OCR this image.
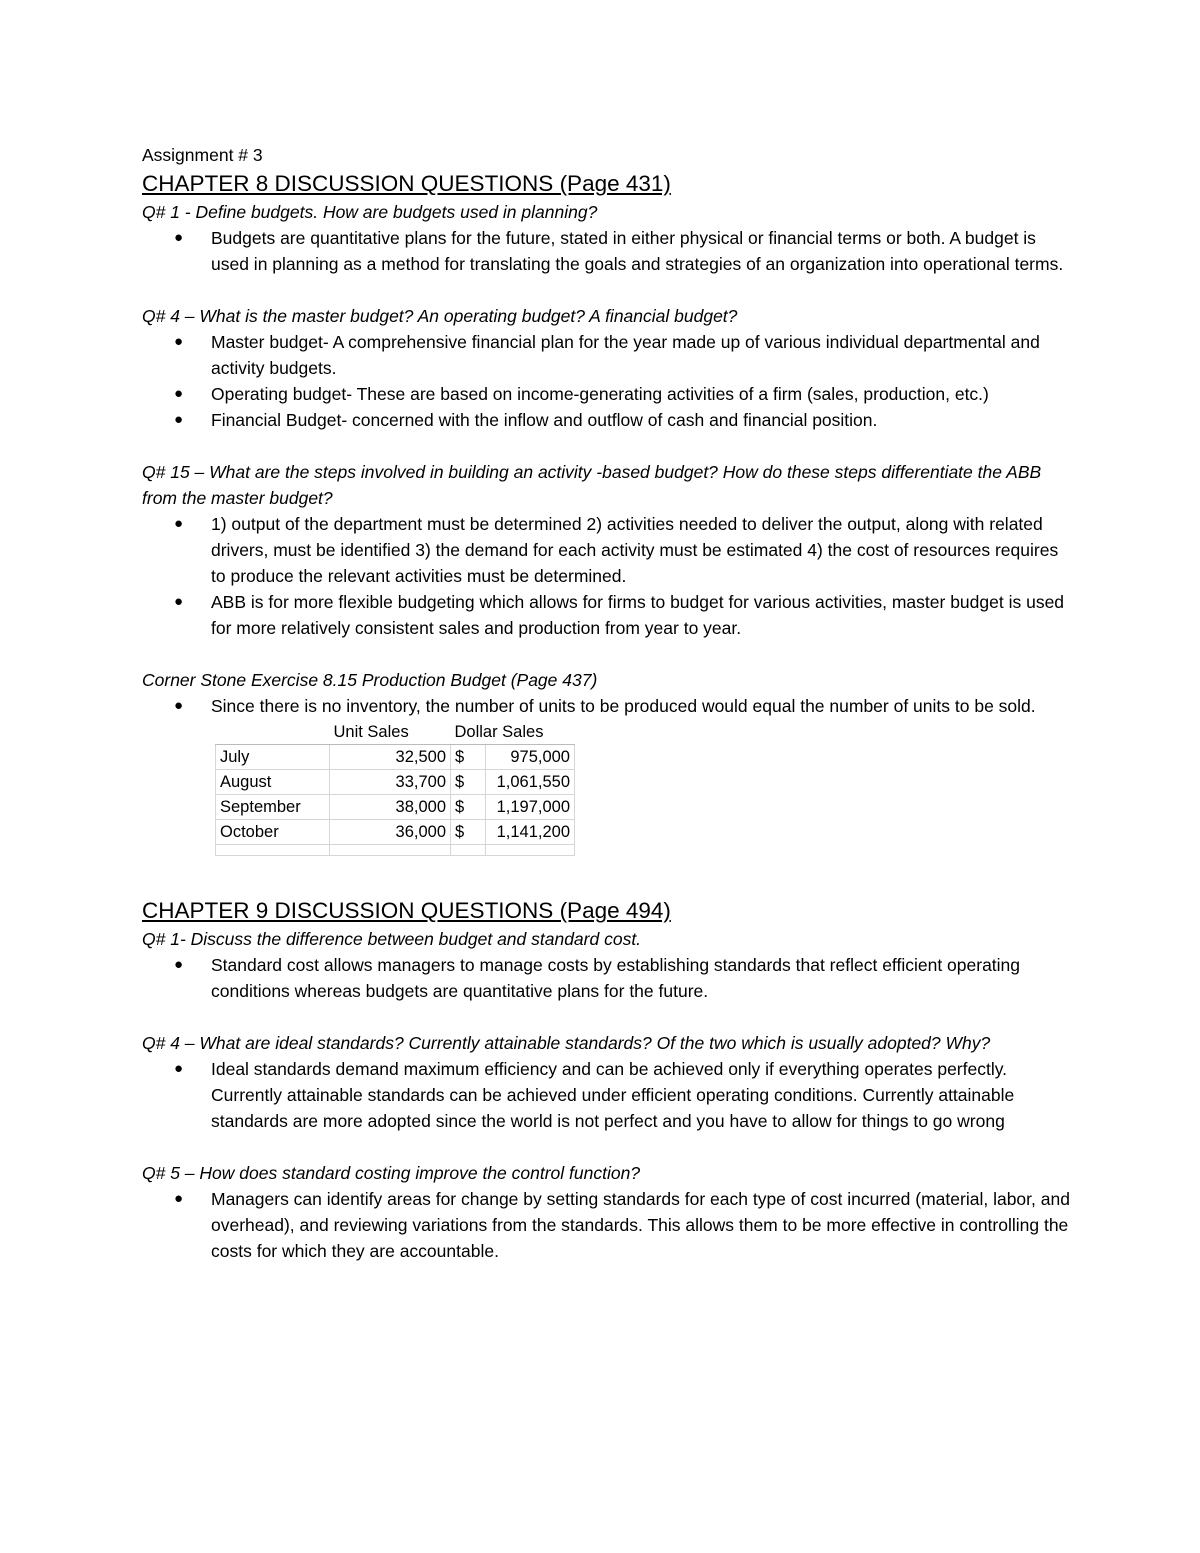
Assignment # 3

CHAPTER 8 DISCUSSION QUESTIONS (Page 431)

Q# 1 - Define budgets. How are budgets used in planning?

● Budgets are quantitative plans for the future, stated in either physical or financial terms or both. A budget is used in planning as a method for translating the goals and strategies of an organization into operational terms.

Q# 4 – What is the master budget? An operating budget? A financial budget?

● Master budget- A comprehensive financial plan for the year made up of various individual departmental and activity budgets.
● Operating budget- These are based on income-generating activities of a firm (sales, production, etc.)
● Financial Budget- concerned with the inflow and outflow of cash and financial position.

Q# 15 – What are the steps involved in building an activity -based budget? How do these steps differentiate the ABB from the master budget?

● 1) output of the department must be determined 2) activities needed to deliver the output, along with related drivers, must be identified 3) the demand for each activity must be estimated 4) the cost of resources requires to produce the relevant activities must be determined.
● ABB is for more flexible budgeting which allows for firms to budget for various activities, master budget is used for more relatively consistent sales and production from year to year.

Corner Stone Exercise 8.15 Production Budget (Page 437)

● Since there is no inventory, the number of units to be produced would equal the number of units to be sold.
	Unit Sales	Dollar Sales	
July	32,500	$	975,000
August	33,700	$	1,061,550
September	38,000	$	1,197,000
October	36,000	$	1,141,200

CHAPTER 9 DISCUSSION QUESTIONS (Page 494)

Q# 1- Discuss the difference between budget and standard cost.

● Standard cost allows managers to manage costs by establishing standards that reflect efficient operating conditions whereas budgets are quantitative plans for the future.

Q# 4 – What are ideal standards? Currently attainable standards? Of the two which is usually adopted? Why?

● Ideal standards demand maximum efficiency and can be achieved only if everything operates perfectly. Currently attainable standards can be achieved under efficient operating conditions. Currently attainable standards are more adopted since the world is not perfect and you have to allow for things to go wrong

Q# 5 – How does standard costing improve the control function?

● Managers can identify areas for change by setting standards for each type of cost incurred (material, labor, and overhead), and reviewing variations from the standards. This allows them to be more effective in controlling the costs for which they are accountable.
